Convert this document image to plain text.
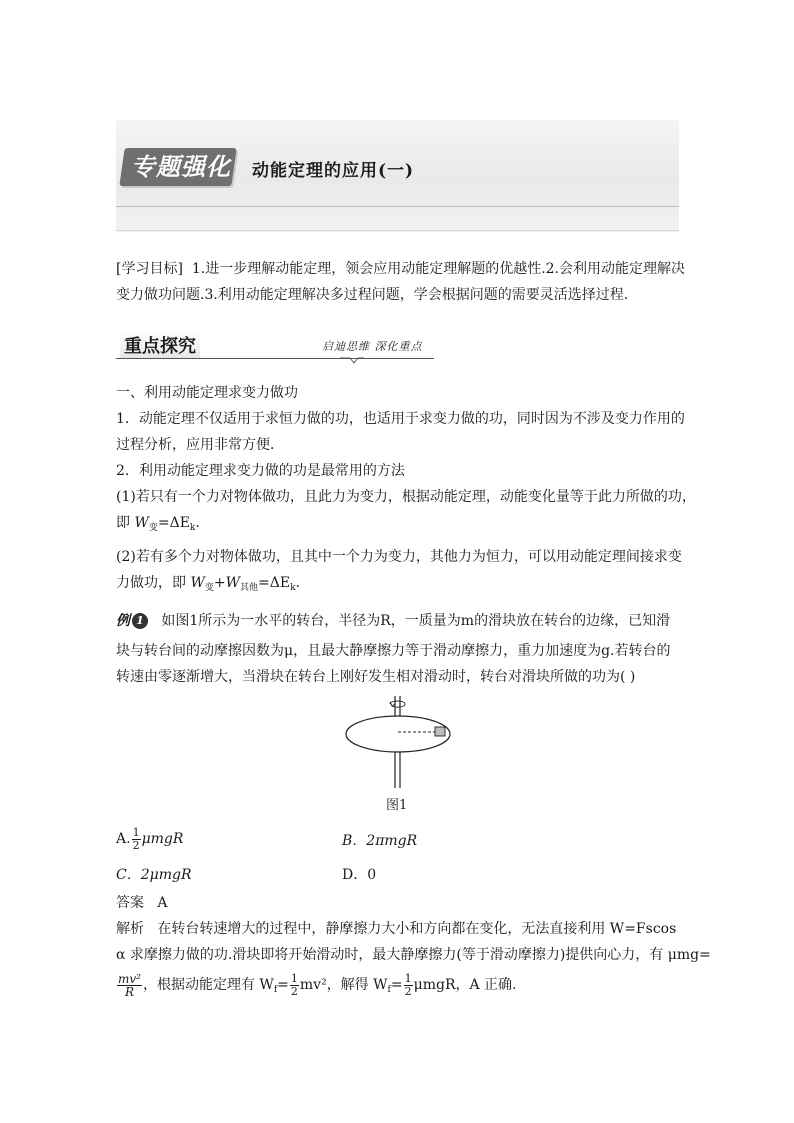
专题强化 动能定理的应用(一)
[学习目标] 1.进一步理解动能定理，领会应用动能定理解题的优越性.2.会利用动能定理解决
变力做功问题.3.利用动能定理解决多过程问题，学会根据问题的需要灵活选择过程.
重点探究	启迪思维 深化重点
一、利用动能定理求变力做功
1．动能定理不仅适用于求恒力做的功，也适用于求变力做的功，同时因为不涉及变力作用的
过程分析，应用非常方便．
2．利用动能定理求变力做的功是最常用的方法
(1)若只有一个力对物体做功，且此力为变力，根据动能定理，动能变化量等于此力所做的功，
即 $W_变=\Delta E_k$.
(2)若有多个力对物体做功，且其中一个力为变力，其他力为恒力，可以用动能定理间接求变
力做功，即 $W_变+W_{其他}=\Delta E_k$.
例 1 如图1所示为一水平的转台，半径为R，一质量为m的滑块放在转台的边缘，已知滑
块与转台间的动摩擦因数为μ，且最大静摩擦力等于滑动摩擦力，重力加速度为g.若转台的
转速由零逐渐增大，当滑块在转台上刚好发生相对滑动时，转台对滑块所做的功为( )
图1
A. $\frac{1}{2}$ μmgR	B．2πmgR
C．2μmgR	D．0
答案 A
解析 在转台转速增大的过程中，静摩擦力大小和方向都在变化，无法直接利用 W=Fscos
α 求摩擦力做的功.滑块即将开始滑动时，最大静摩擦力(等于滑动摩擦力)提供向心力，有 μmg=
$\frac{\text{mv²}}{R}$ ，根据动能定理有 $W_f= \frac{1}{2} mv^2$，解得 $W_f= \frac{1}{2}$ μmgR，A 正确.
